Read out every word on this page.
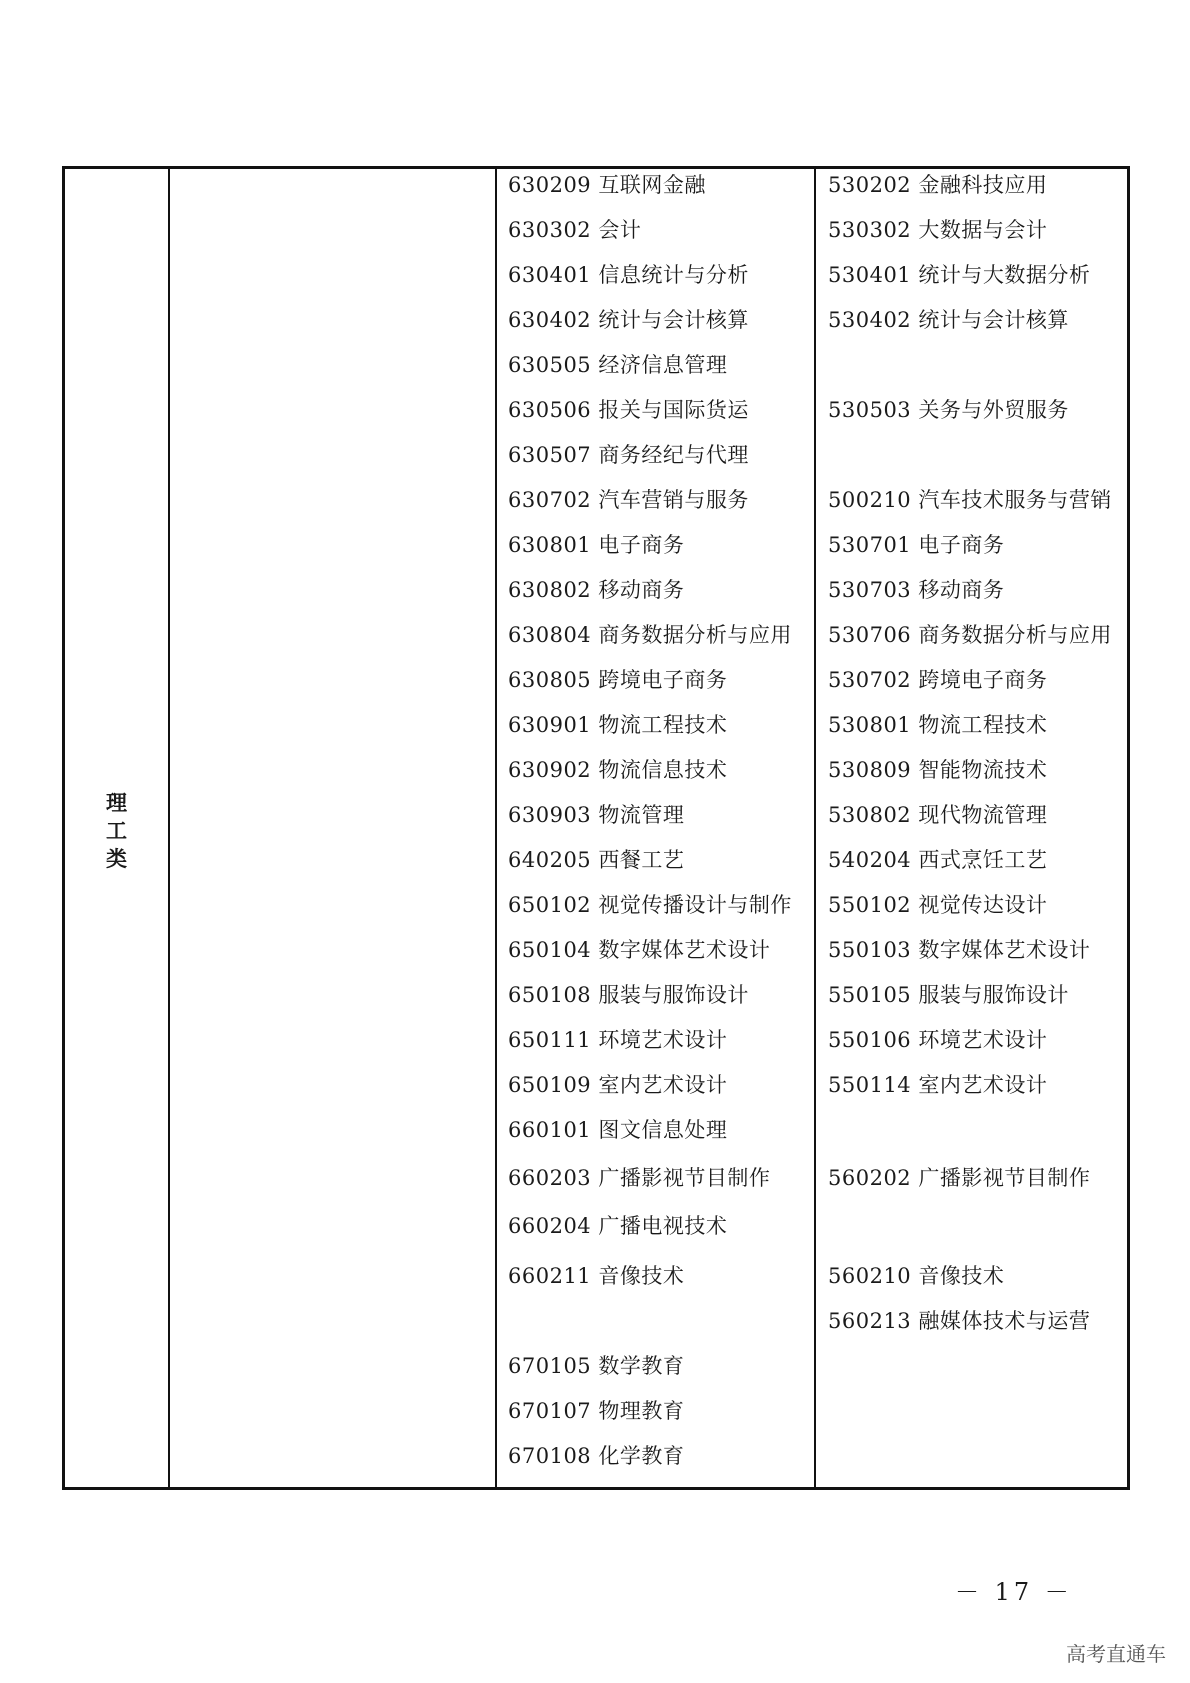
理
工
类
630209 互联网金融
630302 会计
630401 信息统计与分析
630402 统计与会计核算
630505 经济信息管理
630506 报关与国际货运
630507 商务经纪与代理
630702 汽车营销与服务
630801 电子商务
630802 移动商务
630804 商务数据分析与应用
630805 跨境电子商务
630901 物流工程技术
630902 物流信息技术
630903 物流管理
640205 西餐工艺
650102 视觉传播设计与制作
650104 数字媒体艺术设计
650108 服装与服饰设计
650111 环境艺术设计
650109 室内艺术设计
660101 图文信息处理
660203 广播影视节目制作
660204 广播电视技术
660211 音像技术
670105 数学教育
670107 物理教育
670108 化学教育
530202 金融科技应用
530302 大数据与会计
530401 统计与大数据分析
530402 统计与会计核算
530503 关务与外贸服务
500210 汽车技术服务与营销
530701 电子商务
530703 移动商务
530706 商务数据分析与应用
530702 跨境电子商务
530801 物流工程技术
530809 智能物流技术
530802 现代物流管理
540204 西式烹饪工艺
550102 视觉传达设计
550103 数字媒体艺术设计
550105 服装与服饰设计
550106 环境艺术设计
550114 室内艺术设计
560202 广播影视节目制作
560210 音像技术
560213 融媒体技术与运营
－ 17 －
高考直通车
